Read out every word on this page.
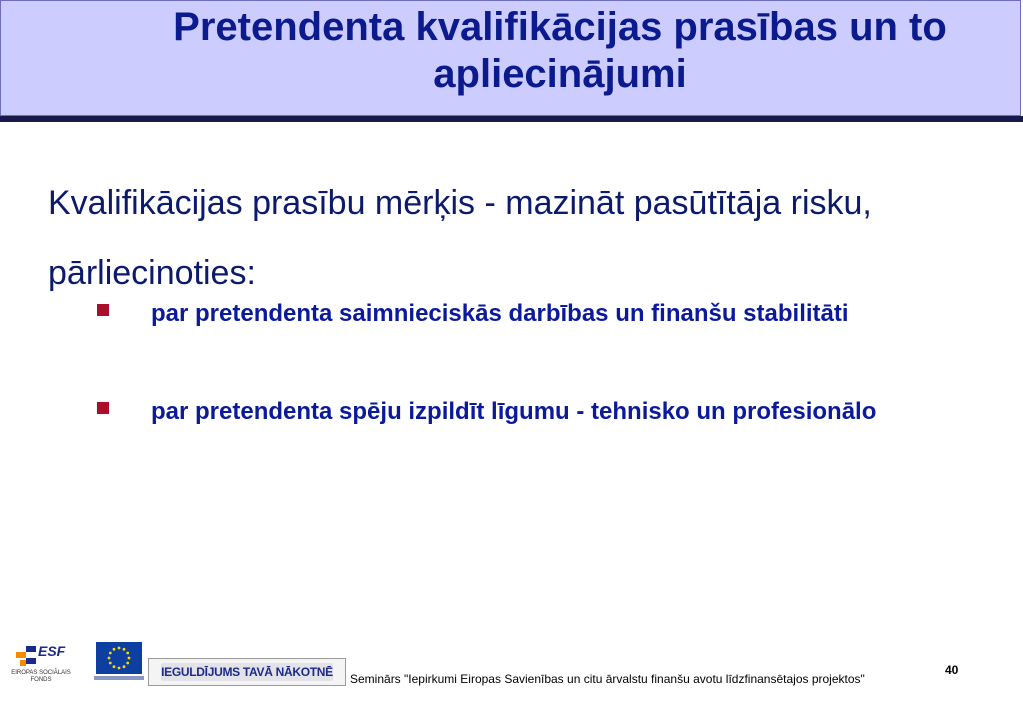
Pretendenta kvalifikācijas prasības un to apliecinājumi
Kvalifikācijas prasību mērķis - mazināt pasūtītāja risku, pārliecinoties:
par pretendenta saimnieciskās darbības un finanšu stabilitāti
par pretendenta spēju izpildīt līgumu - tehnisko un profesionālo
ESF
EIROPAS SOCIĀLAIS FONDS
IEGULDĪJUMS TAVĀ NĀKOTNĒ Seminārs "Iepirkumi Eiropas Savienības un citu ārvalstu finanšu avotu līdzfinansētajos projektos"
40
